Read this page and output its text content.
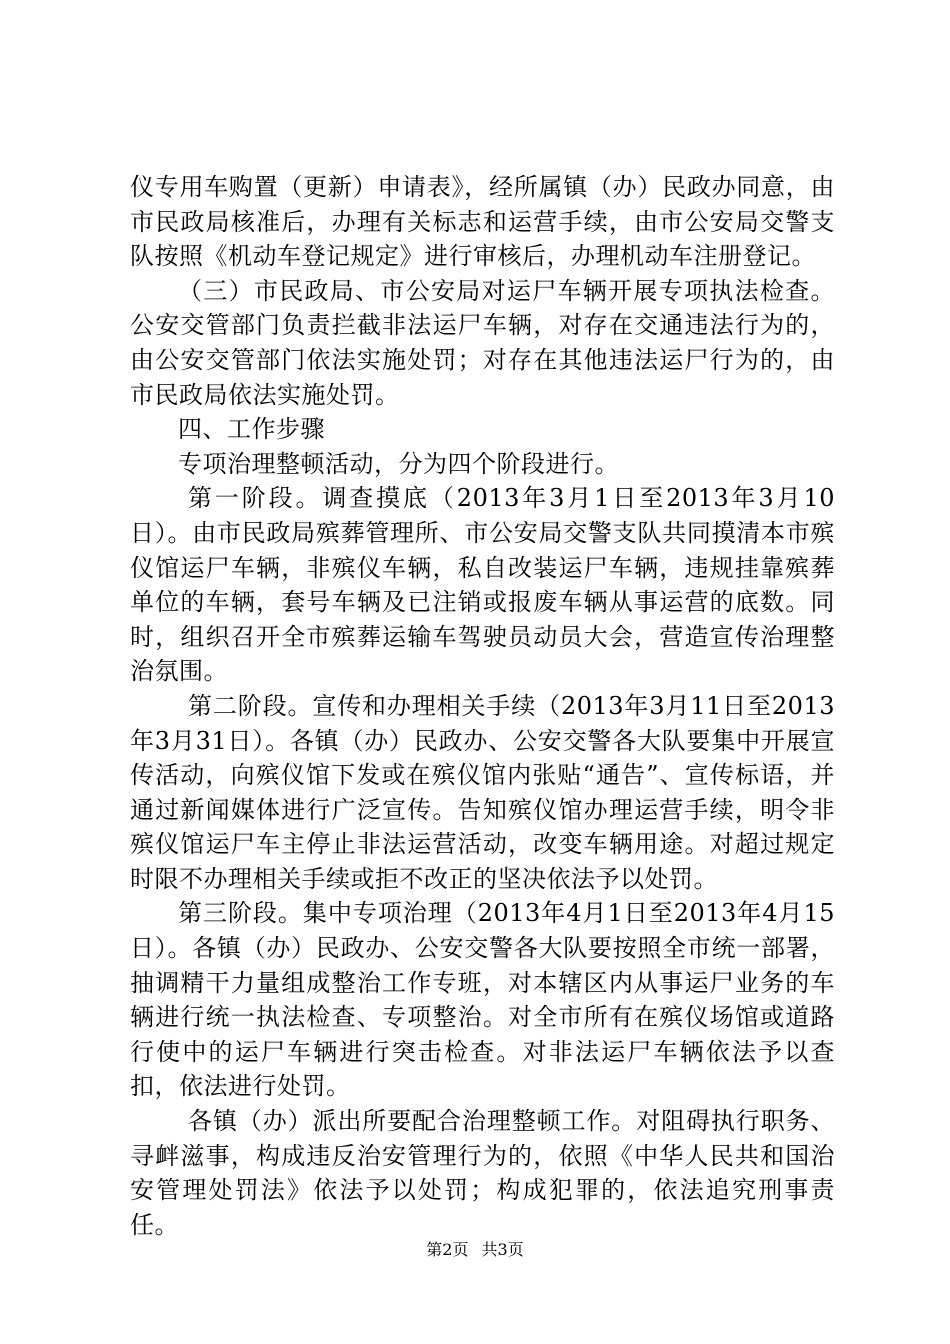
仪专用车购置（更新）申请表》，经所属镇（办）民政办同意，由市民政局核准后，办理有关标志和运营手续，由市公安局交警支队按照《机动车登记规定》进行审核后，办理机动车注册登记。

（三）市民政局、市公安局对运尸车辆开展专项执法检查。公安交管部门负责拦截非法运尸车辆，对存在交通违法行为的，由公安交管部门依法实施处罚；对存在其他违法运尸行为的，由市民政局依法实施处罚。

四、工作步骤

专项治理整顿活动，分为四个阶段进行。

第一阶段。调查摸底（2013年3月1日至2013年3月10日）。由市民政局殡葬管理所、市公安局交警支队共同摸清本市殡仪馆运尸车辆，非殡仪车辆，私自改装运尸车辆，违规挂靠殡葬单位的车辆，套号车辆及已注销或报废车辆从事运营的底数。同时，组织召开全市殡葬运输车驾驶员动员大会，营造宣传治理整治氛围。

第二阶段。宣传和办理相关手续（2013年3月11日至2013年3月31日）。各镇（办）民政办、公安交警各大队要集中开展宣传活动，向殡仪馆下发或在殡仪馆内张贴“通告”、宣传标语，并通过新闻媒体进行广泛宣传。告知殡仪馆办理运营手续，明令非殡仪馆运尸车主停止非法运营活动，改变车辆用途。对超过规定时限不办理相关手续或拒不改正的坚决依法予以处罚。

第三阶段。集中专项治理（2013年4月1日至2013年4月15日）。各镇（办）民政办、公安交警各大队要按照全市统一部署，抽调精干力量组成整治工作专班，对本辖区内从事运尸业务的车辆进行统一执法检查、专项整治。对全市所有在殡仪场馆或道路行使中的运尸车辆进行突击检查。对非法运尸车辆依法予以查扣，依法进行处罚。

各镇（办）派出所要配合治理整顿工作。对阻碍执行职务、寻衅滋事，构成违反治安管理行为的，依照《中华人民共和国治安管理处罚法》依法予以处罚；构成犯罪的，依法追究刑事责任。

第2页 共3页
